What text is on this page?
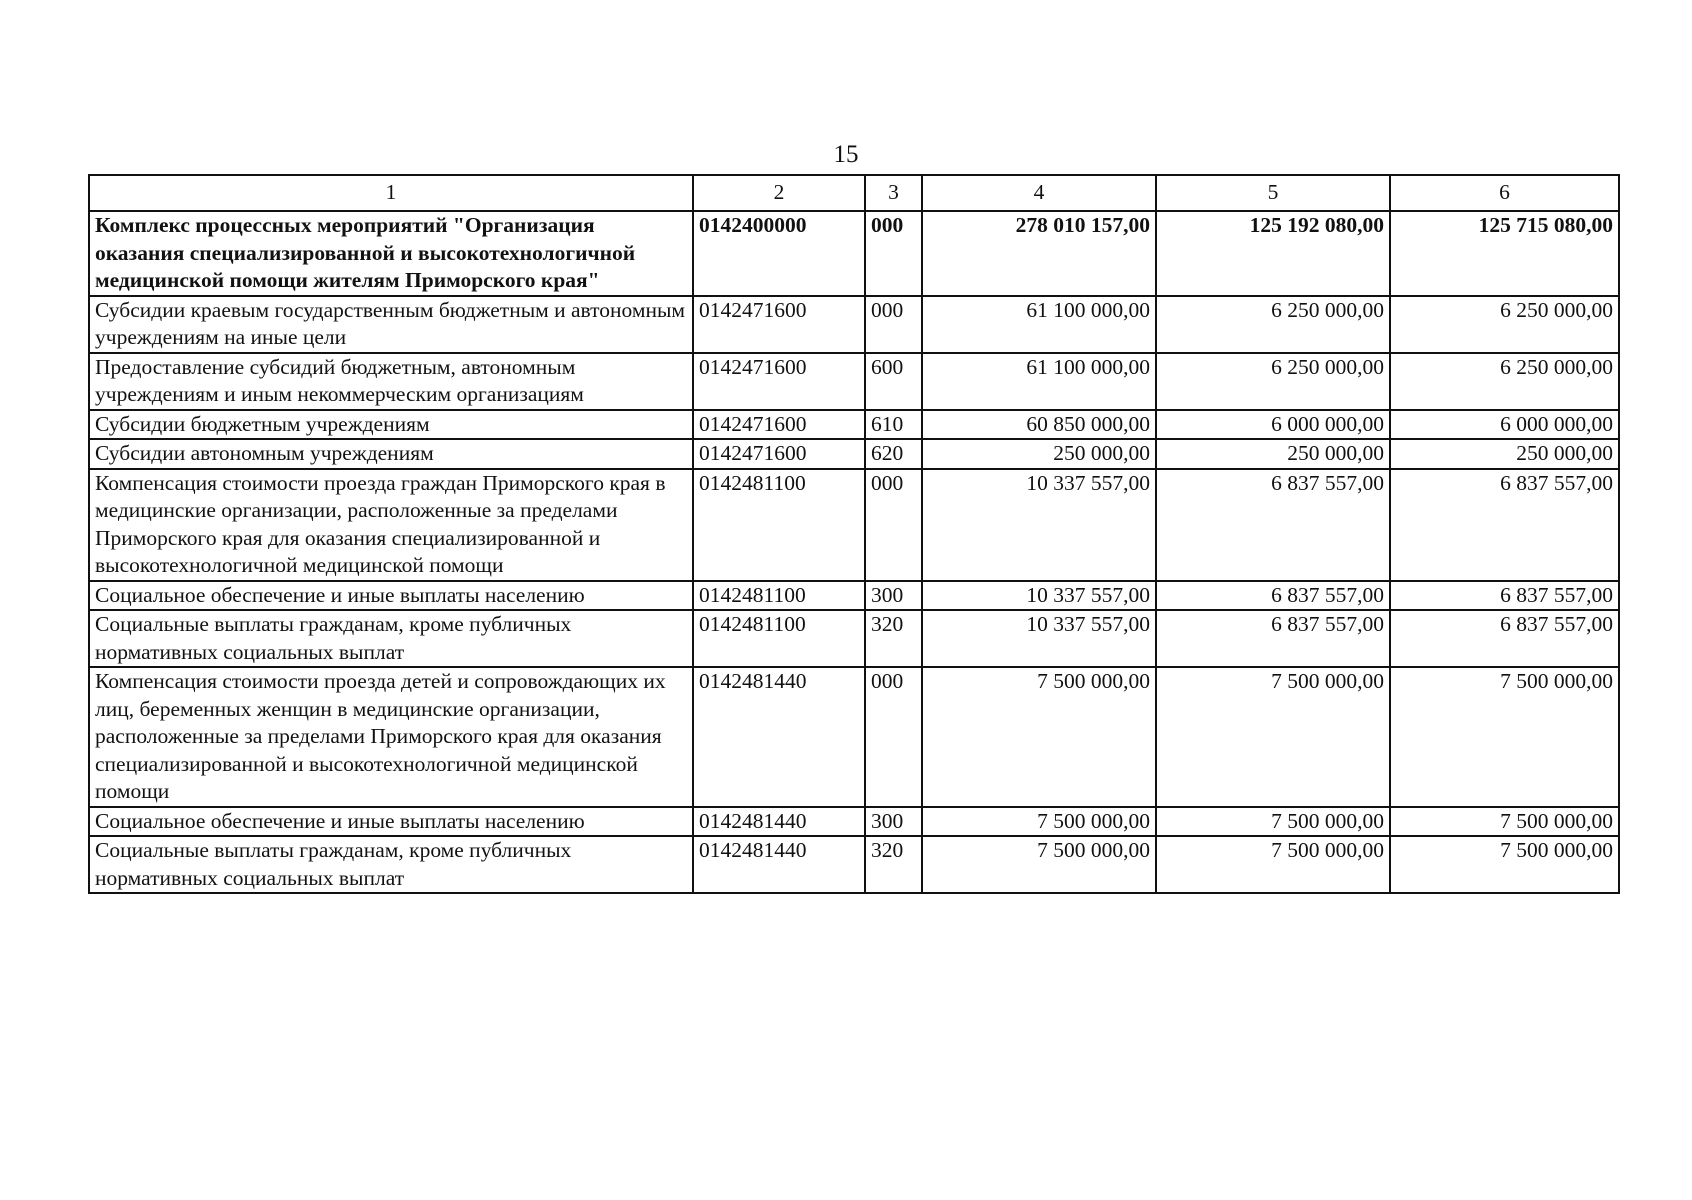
15
1	2	3	4	5	6
Комплекс процессных мероприятий "Организация оказания специализированной и высокотехнологичной медицинской помощи жителям Приморского края"	0142400000	000	278 010 157,00	125 192 080,00	125 715 080,00
Субсидии краевым государственным бюджетным и автономным учреждениям на иные цели	0142471600	000	61 100 000,00	6 250 000,00	6 250 000,00
Предоставление субсидий бюджетным, автономным учреждениям и иным некоммерческим организациям	0142471600	600	61 100 000,00	6 250 000,00	6 250 000,00
Субсидии бюджетным учреждениям	0142471600	610	60 850 000,00	6 000 000,00	6 000 000,00
Субсидии автономным учреждениям	0142471600	620	250 000,00	250 000,00	250 000,00
Компенсация стоимости проезда граждан Приморского края в медицинские организации, расположенные за пределами Приморского края для оказания специализированной и высокотехнологичной медицинской помощи	0142481100	000	10 337 557,00	6 837 557,00	6 837 557,00
Социальное обеспечение и иные выплаты населению	0142481100	300	10 337 557,00	6 837 557,00	6 837 557,00
Социальные выплаты гражданам, кроме публичных нормативных социальных выплат	0142481100	320	10 337 557,00	6 837 557,00	6 837 557,00
Компенсация стоимости проезда детей и сопровождающих их лиц, беременных женщин в медицинские организации, расположенные за пределами Приморского края для оказания специализированной и высокотехнологичной медицинской помощи	0142481440	000	7 500 000,00	7 500 000,00	7 500 000,00
Социальное обеспечение и иные выплаты населению	0142481440	300	7 500 000,00	7 500 000,00	7 500 000,00
Социальные выплаты гражданам, кроме публичных нормативных социальных выплат	0142481440	320	7 500 000,00	7 500 000,00	7 500 000,00
